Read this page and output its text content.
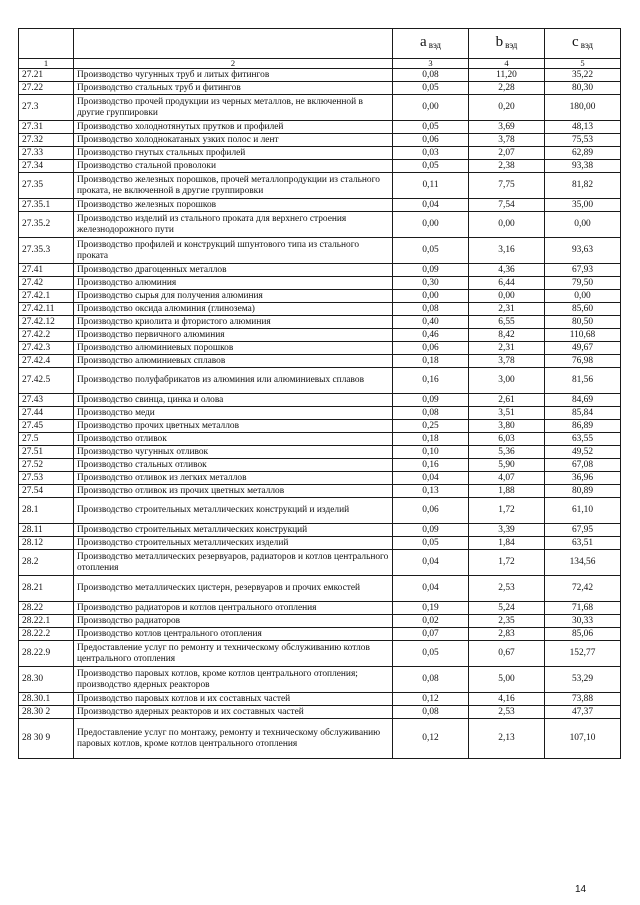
		a $_{вэд}$	b $_{вэд}$	c $_{вэд}$
1	2	3	4	5
27.21	Производство чугунных труб и литых фитингов	0,08	11,20	35,22
27.22	Производство стальных труб и фитингов	0,05	2,28	80,30
27.3	Производство прочей продукции из черных металлов, не включенной в другие группировки	0,00	0,20	180,00
27.31	Производство холоднотянутых прутков и профилей	0,05	3,69	48,13
27.32	Производство холоднокатаных узких полос и лент	0,06	3,78	75,53
27.33	Производство гнутых стальных профилей	0,03	2,07	62,89
27.34	Производство стальной проволоки	0,05	2,38	93,38
27.35	Производство железных порошков, прочей металлопродукции из стального проката, не включенной в другие группировки	0,11	7,75	81,82
27.35.1	Производство железных порошков	0,04	7,54	35,00
27.35.2	Производство изделий из стального проката для верхнего строения железнодорожного пути	0,00	0,00	0,00
27.35.3	Производство профилей и конструкций шпунтового типа из стального проката	0,05	3,16	93,63
27.41	Производство драгоценных металлов	0,09	4,36	67,93
27.42	Производство алюминия	0,30	6,44	79,50
27.42.1	Производство сырья для получения алюминия	0,00	0,00	0,00
27.42.11	Производство оксида алюминия (глинозема)	0,08	2,31	85,60
27.42.12	Производство криолита и фтористого алюминия	0,40	6,55	80,50
27.42.2	Производство первичного алюминия	0,46	8,42	110,68
27.42.3	Производство алюминиевых порошков	0,06	2,31	49,67
27.42.4	Производство алюминиевых сплавов	0,18	3,78	76,98
27.42.5	Производство полуфабрикатов из алюминия или алюминиевых сплавов	0,16	3,00	81,56
27.43	Производство свинца, цинка и олова	0,09	2,61	84,69
27.44	Производство меди	0,08	3,51	85,84
27.45	Производство прочих цветных металлов	0,25	3,80	86,89
27.5	Производство отливок	0,18	6,03	63,55
27.51	Производство чугунных отливок	0,10	5,36	49,52
27.52	Производство стальных отливок	0,16	5,90	67,08
27.53	Производство отливок из легких металлов	0,04	4,07	36,96
27.54	Производство отливок из прочих цветных металлов	0,13	1,88	80,89
28.1	Производство строительных металлических конструкций и изделий	0,06	1,72	61,10
28.11	Производство строительных металлических конструкций	0,09	3,39	67,95
28.12	Производство строительных металлических изделий	0,05	1,84	63,51
28.2	Производство металлических резервуаров, радиаторов и котлов центрального отопления	0,04	1,72	134,56
28.21	Производство металлических цистерн, резервуаров и прочих емкостей	0,04	2,53	72,42
28.22	Производство радиаторов и котлов центрального отопления	0,19	5,24	71,68
28.22.1	Производство радиаторов	0,02	2,35	30,33
28.22.2	Производство котлов центрального отопления	0,07	2,83	85,06
28.22.9	Предоставление услуг по ремонту и техническому обслуживанию котлов центрального отопления	0,05	0,67	152,77
28.30	Производство паровых котлов, кроме котлов центрального отопления; производство ядерных реакторов	0,08	5,00	53,29
28.30.1	Производство паровых котлов и их составных частей	0,12	4,16	73,88
28.30 2	Производство ядерных реакторов и их составных частей	0,08	2,53	47,37
28 30 9	Предоставление услуг по монтажу, ремонту и техническому обслуживанию паровых котлов, кроме котлов центрального отопления	0,12	2,13	107,10
14
